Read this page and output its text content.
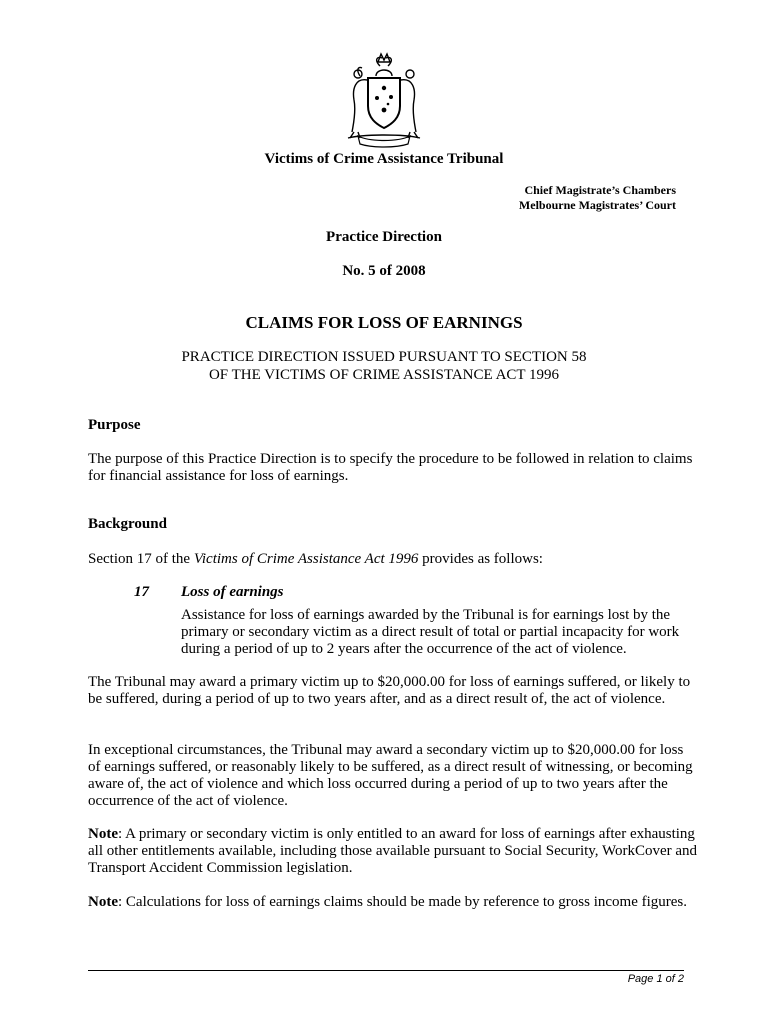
Victims of Crime Assistance Tribunal

Chief Magistrate’s Chambers
Melbourne Magistrates’ Court

Practice Direction

No. 5 of 2008

CLAIMS FOR LOSS OF EARNINGS

PRACTICE DIRECTION ISSUED PURSUANT TO SECTION 58
OF THE VICTIMS OF CRIME ASSISTANCE ACT 1996

Purpose

The purpose of this Practice Direction is to specify the procedure to be followed in relation to claims for financial assistance for loss of earnings.

Background

Section 17 of the Victims of Crime Assistance Act 1996 provides as follows:

17 Loss of earnings

Assistance for loss of earnings awarded by the Tribunal is for earnings lost by the primary or secondary victim as a direct result of total or partial incapacity for work during a period of up to 2 years after the occurrence of the act of violence.

The Tribunal may award a primary victim up to $20,000.00 for loss of earnings suffered, or likely to be suffered, during a period of up to two years after, and as a direct result of, the act of violence.

In exceptional circumstances, the Tribunal may award a secondary victim up to $20,000.00 for loss of earnings suffered, or reasonably likely to be suffered, as a direct result of witnessing, or becoming aware of, the act of violence and which loss occurred during a period of up to two years after the occurrence of the act of violence.

Note: A primary or secondary victim is only entitled to an award for loss of earnings after exhausting all other entitlements available, including those available pursuant to Social Security, WorkCover and Transport Accident Commission legislation.

Note: Calculations for loss of earnings claims should be made by reference to gross income figures.

Page 1 of 2
